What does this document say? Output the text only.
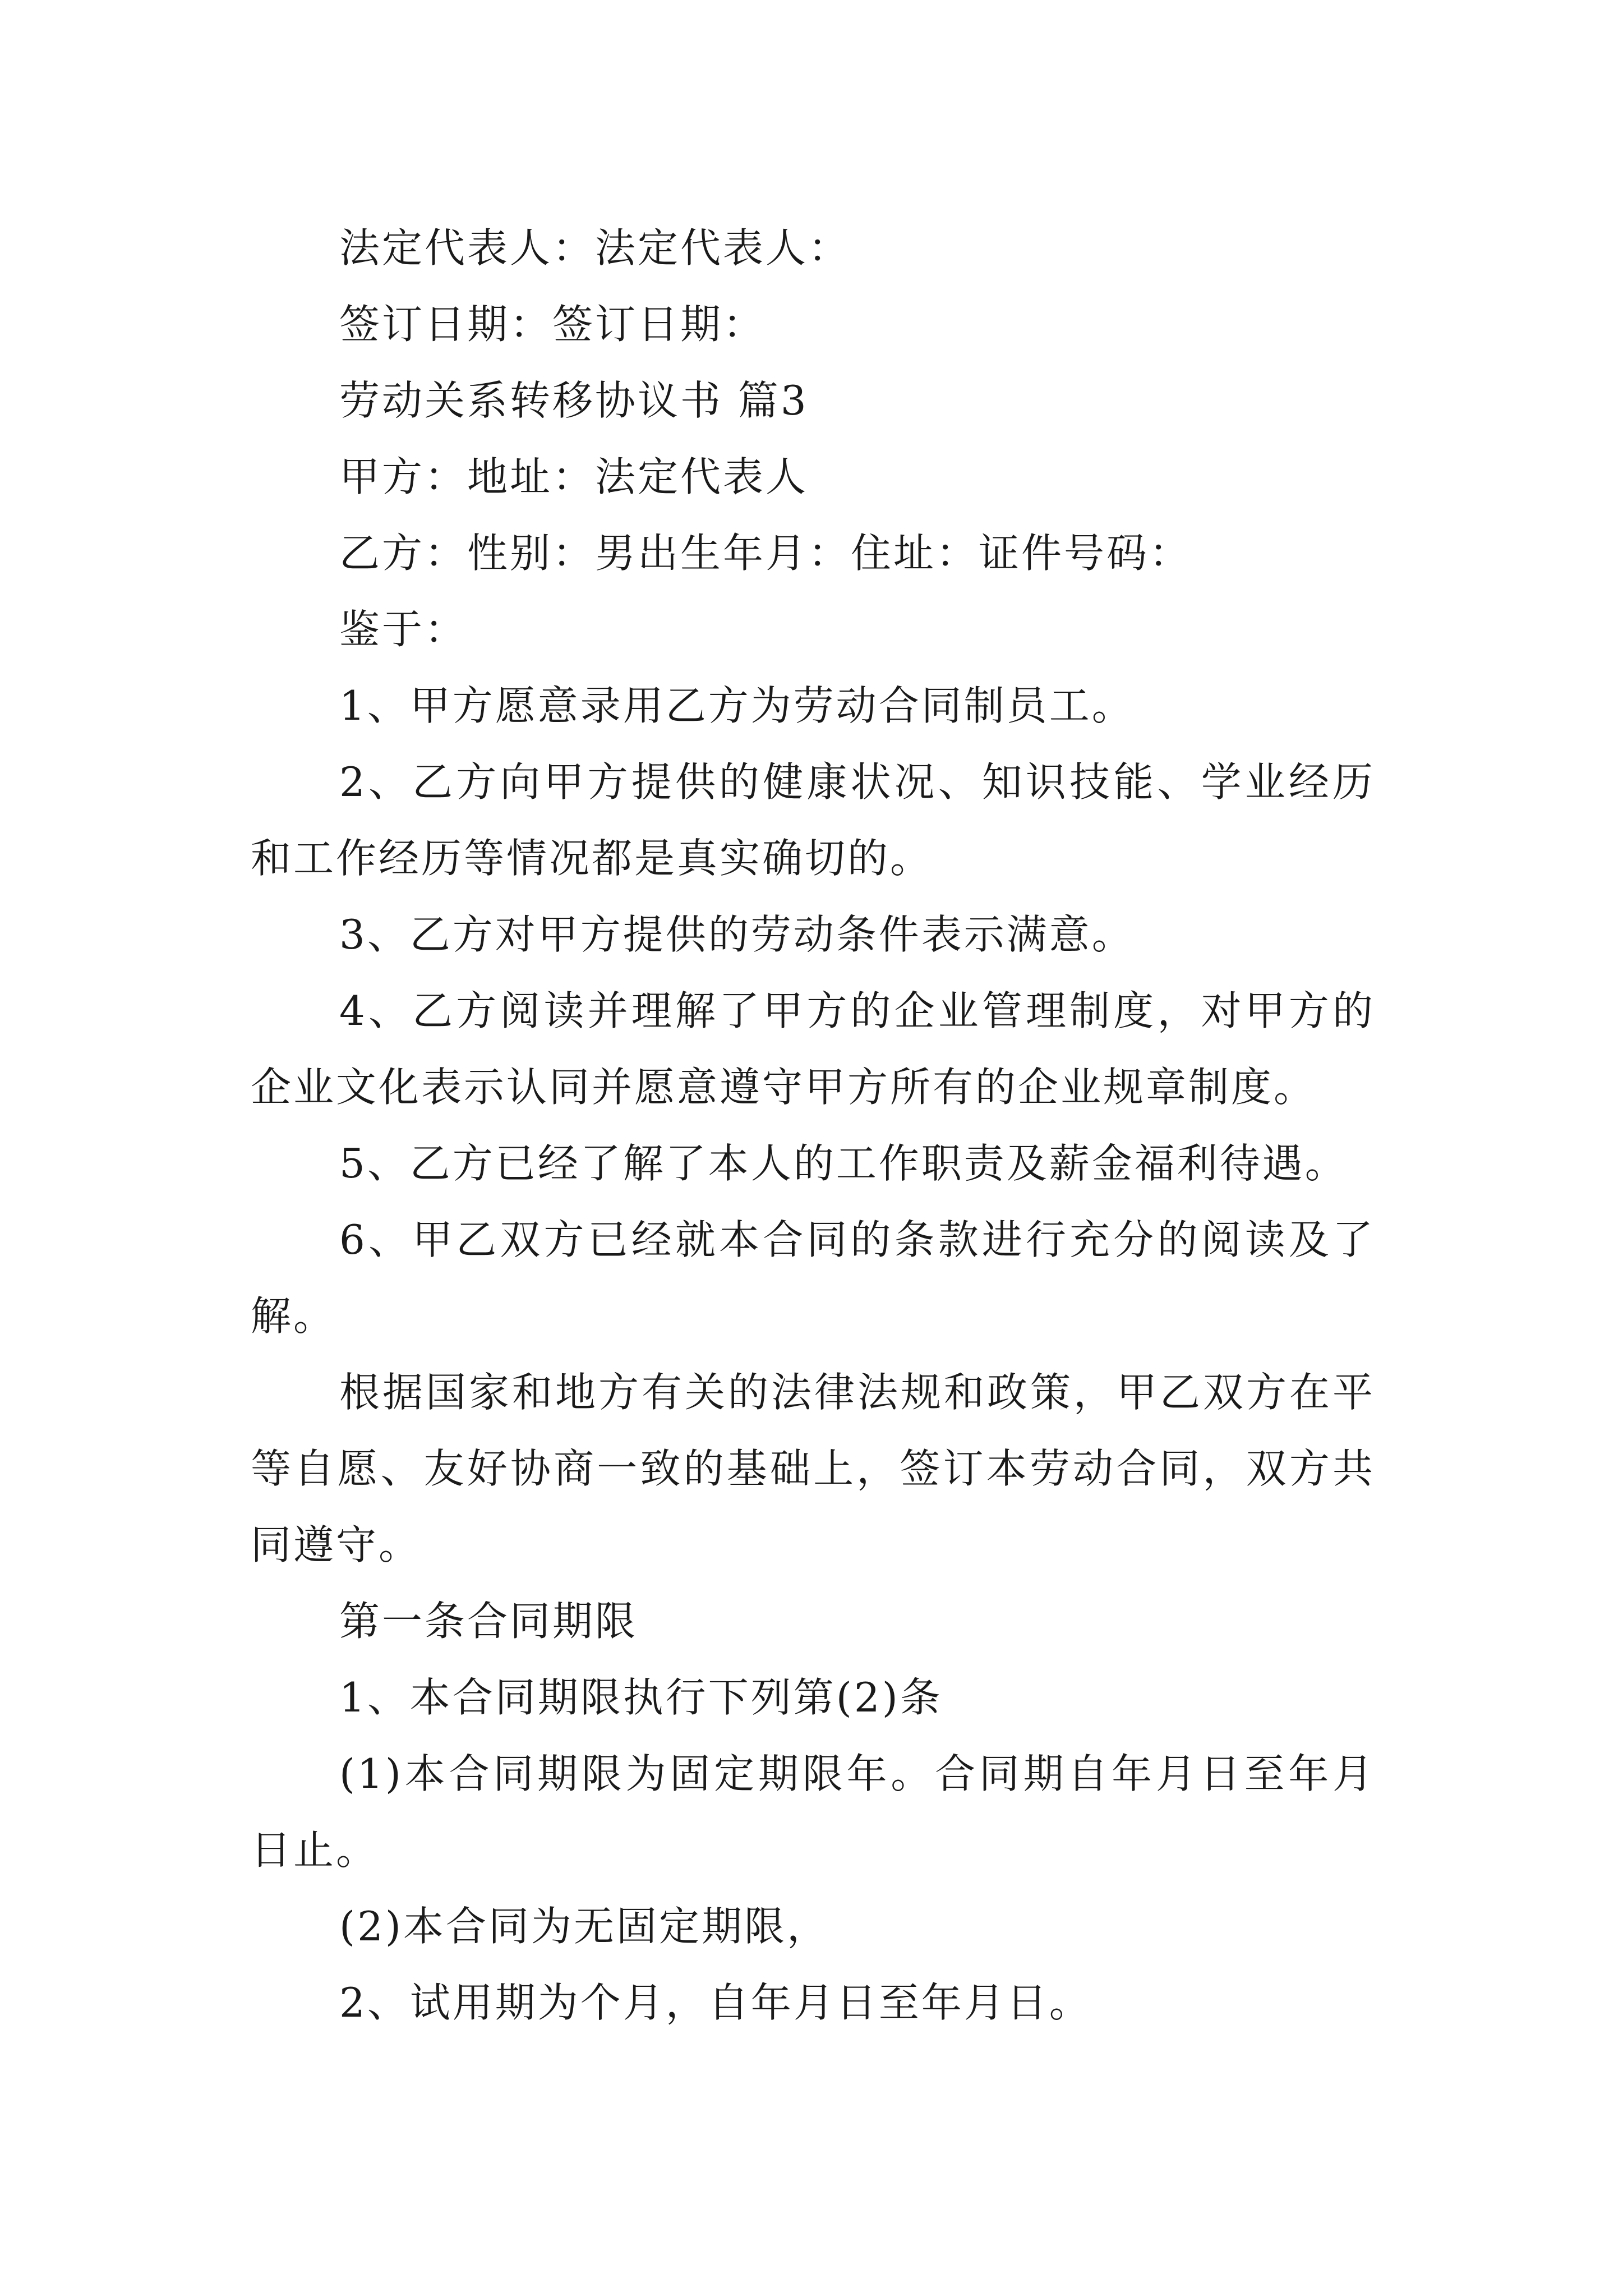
法定代表人：法定代表人：

签订日期：签订日期：

劳动关系转移协议书 篇3

甲方：地址：法定代表人

乙方：性别：男出生年月：住址：证件号码：

鉴于：

1、甲方愿意录用乙方为劳动合同制员工。

2、乙方向甲方提供的健康状况、知识技能、学业经历和工作经历等情况都是真实确切的。

3、乙方对甲方提供的劳动条件表示满意。

4、乙方阅读并理解了甲方的企业管理制度，对甲方的企业文化表示认同并愿意遵守甲方所有的企业规章制度。

5、乙方已经了解了本人的工作职责及薪金福利待遇。

6、甲乙双方已经就本合同的条款进行充分的阅读及了解。

根据国家和地方有关的法律法规和政策，甲乙双方在平等自愿、友好协商一致的基础上，签订本劳动合同，双方共同遵守。

第一条合同期限

1、本合同期限执行下列第(2)条

(1)本合同期限为固定期限年。合同期自年月日至年月日止。

(2)本合同为无固定期限，

2、试用期为个月，自年月日至年月日。
